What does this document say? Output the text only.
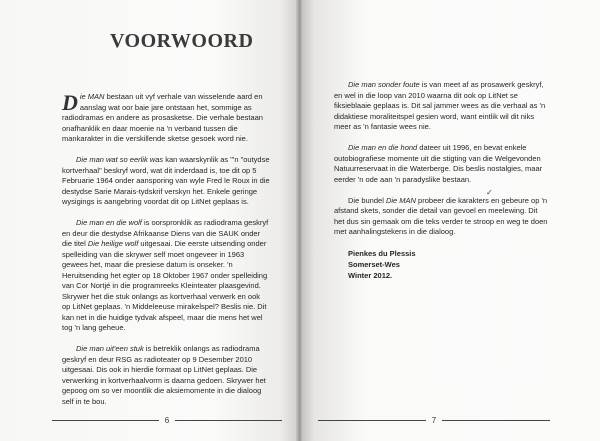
VOORWOORD

Die MAN bestaan uit vyf verhale van wisselende aard en aanslag wat oor baie jare ontstaan het, sommige as radiodramas en andere as prosasketse. Die verhale bestaan onafhanklik en daar moenie na 'n verband tussen die mankarakter in die verskillende sketse gesoek word nie.

Die man wat so eerlik was kan waarskynlik as "'n "outydse kortverhaal" beskryf word, wat dit inderdaad is, toe dit op 5 Februarie 1964 onder aansporing van wyle Fred le Roux in die destydse Sarie Marais-tydskrif verskyn het. Enkele geringe wysigings is aangebring voordat dit op LitNet geplaas is.

Die man en die wolf is oorspronklik as radiodrama geskryf en deur die destydse Afrikaanse Diens van die SAUK onder die titel Die heilige wolf uitgesaai. Die eerste uitsending onder spelleiding van die skrywer self moet ongeveer in 1963 gewees het, maar die presiese datum is onseker. 'n Heruitsending het egter op 18 Oktober 1967 onder spelleiding van Cor Nortjé in die programreeks Kleinteater plaasgevind. Skrywer het die stuk onlangs as kortverhaal verwerk en ook op LitNet geplaas. 'n Middeleeuse mirakelspel? Beslis nie. Dit kan net in die huidige tydvak afspeel, maar die mens het wel tog 'n lang geheue.

Die man uit'een stuk is betreklik onlangs as radiodrama geskryf en deur RSG as radioteater op 9 Desember 2010 uitgesaai. Dis ook in hierdie formaat op LitNet geplaas. Die verwerking in kortverhaalvorm is daarna gedoen. Skrywer het gepoog om so ver moontlik die aksiemomente in die dialoog self in te bou.

6

Die man sonder foute is van meet af as prosawerk geskryf, en wel in die loop van 2010 waarna dit ook op LitNet se fiksieblaaie geplaas is. Dit sal jammer wees as die verhaal as 'n didaktiese moraliteitspel gesien word, want eintlik wil dit niks meer as 'n fantasie wees nie.

Die man en die hond dateer uit 1996, en bevat enkele outobiografiese momente uit die stigting van die Welgevonden Natuurreservaat in die Waterberge. Dis beslis nostalgies, maar eerder 'n ode aan 'n paradyslike bestaan.

Die bundel Die MAN probeer die karakters en gebeure op 'n afstand skets, sonder die detail van gevoel en meelewing. Dit het dus sin gemaak om die teks verder te stroop en weg te doen met aanhalingstekens in die dialoog.

Pienkes du Plessis
Somerset-Wes
Winter 2012.
✓
7
